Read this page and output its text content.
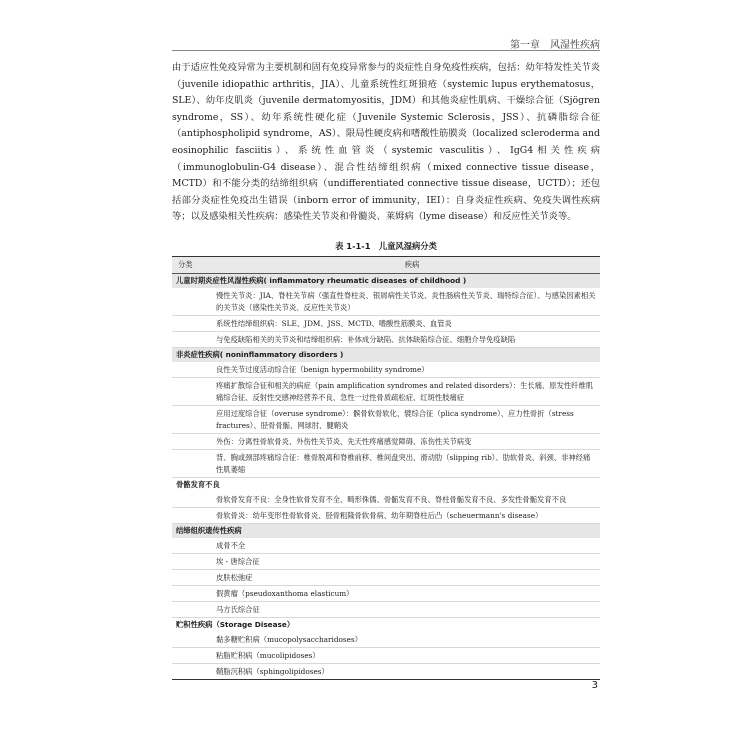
第一章　风湿性疾病

由于适应性免疫异常为主要机制和固有免疫异常参与的炎症性自身免疫性疾病，包括：幼年特发性关节炎（juvenile idiopathic arthritis，JIA）、儿童系统性红斑狼疮（systemic lupus erythematosus，SLE）、幼年皮肌炎（juvenile dermatomyositis，JDM）和其他炎症性肌病、干燥综合征（Sjögren syndrome，SS）、幼年系统性硬化症（Juvenile Systemic Sclerosis，JSS）、抗磷脂综合征（antiphospholipid syndrome，AS）、限局性硬皮病和嗜酸性筋膜炎（localized scleroderma and eosinophilic fasciitis）、系统性血管炎（systemic vasculitis）、IgG4相关性疾病（immunoglobulin-G4 disease）、混合性结缔组织病（mixed connective tissue disease，MCTD）和不能分类的结缔组织病（undifferentiated connective tissue disease，UCTD）；还包括部分炎症性免疫出生错误（inborn error of immunity，IEI）：自身炎症性疾病、免疫失调性疾病等；以及感染相关性疾病：感染性关节炎和骨髓炎、莱姆病（lyme disease）和反应性关节炎等。

表 1-1-1　儿童风湿病分类
分类	疾病
儿童时期炎症性风湿性疾病( inflammatory rheumatic diseases of childhood )
慢性关节炎：JIA、脊柱关节病（强直性脊柱炎、银屑病性关节炎、炎性肠病性关节炎、瑞特综合征）、与感染因素相关的关节炎（感染性关节炎、反应性关节炎）
系统性结缔组织病：SLE、JDM、JSS、MCTD、嗜酸性筋膜炎、血管炎
与免疫缺陷相关的关节炎和结缔组织病：补体成分缺陷、抗体缺陷综合征、细胞介导免疫缺陷
非炎症性疾病( noninflammatory disorders )
良性关节过度活动综合征（benign hypermobility syndrome）
疼痛扩散综合征和相关的病症（pain amplification syndromes and related disorders）：生长痛、原发性纤维肌痛综合征、反射性交感神经营养不良、急性一过性骨质疏松症、红斑性肢痛症
应用过度综合征（overuse syndrome）：髌骨软骨软化、襞综合征（plica syndrome）、应力性骨折（stress fractures）、胫骨骨骺、网球肘、腱鞘炎
外伤：分离性骨软骨炎、外伤性关节炎、先天性疼痛感觉障碍、冻伤性关节病变
背、胸或颈部疼痛综合征：椎骨脱离和脊椎前移、椎间盘突出、滑动肋（slipping rib）、肋软骨炎、斜颈、非神经痛性肌萎缩
骨骼发育不良
骨软骨发育不良：全身性软骨发育不全、畸形侏儒、骨骺发育不良、脊柱骨骺发育不良、多发性骨骺发育不良
骨软骨炎：幼年变形性骨软骨炎、胫骨粗隆骨软骨病、幼年期脊柱后凸（scheuermann's disease）
结缔组织遗传性疾病
成骨不全
埃 - 唐综合征
皮肤松弛症
假黄瘤（pseudoxanthoma elasticum）
马方氏综合征
贮积性疾病（Storage Disease）
黏多糖贮积病（mucopolysaccharidoses）
粘脂贮积病（mucolipidoses）
鞘脂沉积病（sphingolipidoses）
3
